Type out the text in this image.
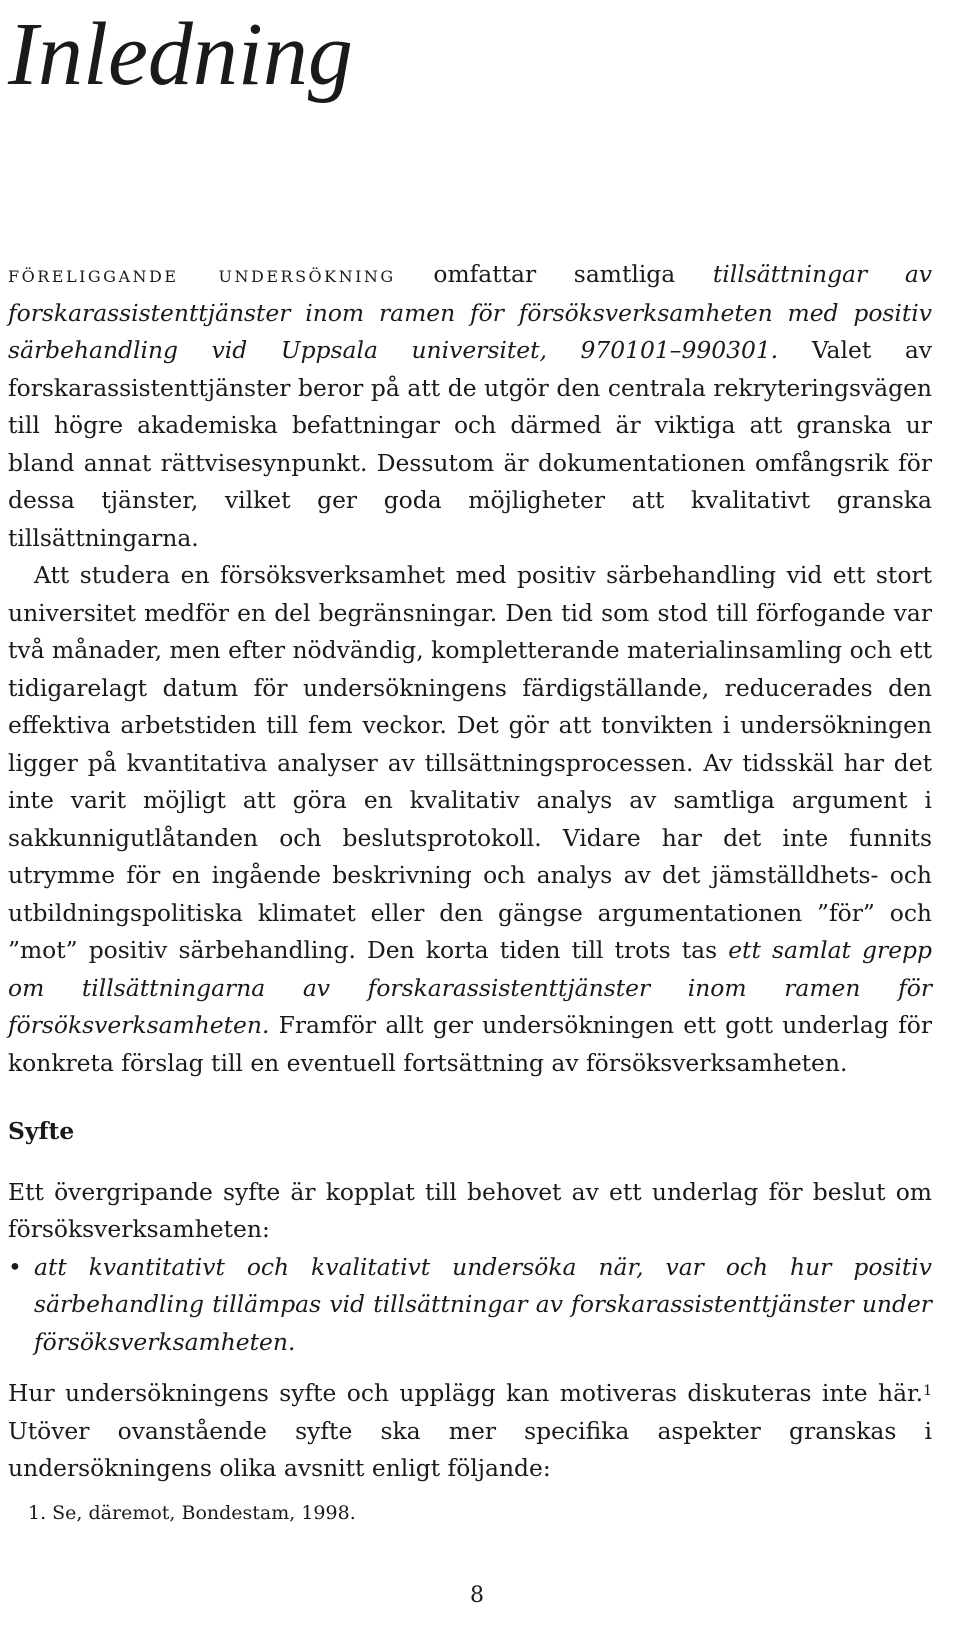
Inledning

föreliggande undersökning omfattar samtliga tillsättningar av forskarassistenttjänster inom ramen för försöksverksamheten med positiv särbehandling vid Uppsala universitet, 970101–990301. Valet av forskarassistenttjänster beror på att de utgör den centrala rekryteringsvägen till högre akademiska befattningar och därmed är viktiga att granska ur bland annat rättvisesynpunkt. Dessutom är dokumentationen omfångsrik för dessa tjänster, vilket ger goda möjligheter att kvalitativt granska tillsättningarna.

Att studera en försöksverksamhet med positiv särbehandling vid ett stort universitet medför en del begränsningar. Den tid som stod till förfogande var två månader, men efter nödvändig, kompletterande materialinsamling och ett tidigarelagt datum för undersökningens färdigställande, reducerades den effektiva arbetstiden till fem veckor. Det gör att tonvikten i undersökningen ligger på kvantitativa analyser av tillsättningsprocessen. Av tidsskäl har det inte varit möjligt att göra en kvalitativ analys av samtliga argument i sakkunnigutlåtanden och beslutsprotokoll. Vidare har det inte funnits utrymme för en ingående beskrivning och analys av det jämställdhets- och utbildningspolitiska klimatet eller den gängse argumentationen ”för” och ”mot” positiv särbehandling. Den korta tiden till trots tas ett samlat grepp om tillsättningarna av forskarassistenttjänster inom ramen för försöksverksamheten. Framför allt ger undersökningen ett gott underlag för konkreta förslag till en eventuell fortsättning av försöksverksamheten.

Syfte

Ett övergripande syfte är kopplat till behovet av ett underlag för beslut om försöksverksamheten:

• att kvantitativt och kvalitativt undersöka när, var och hur positiv särbehandling tillämpas vid tillsättningar av forskarassistenttjänster under försöksverksamheten.

Hur undersökningens syfte och upplägg kan motiveras diskuteras inte här.$^1$ Utöver ovanstående syfte ska mer specifika aspekter granskas i undersökningens olika avsnitt enligt följande:

1. Se, däremot, Bondestam, 1998.

8
